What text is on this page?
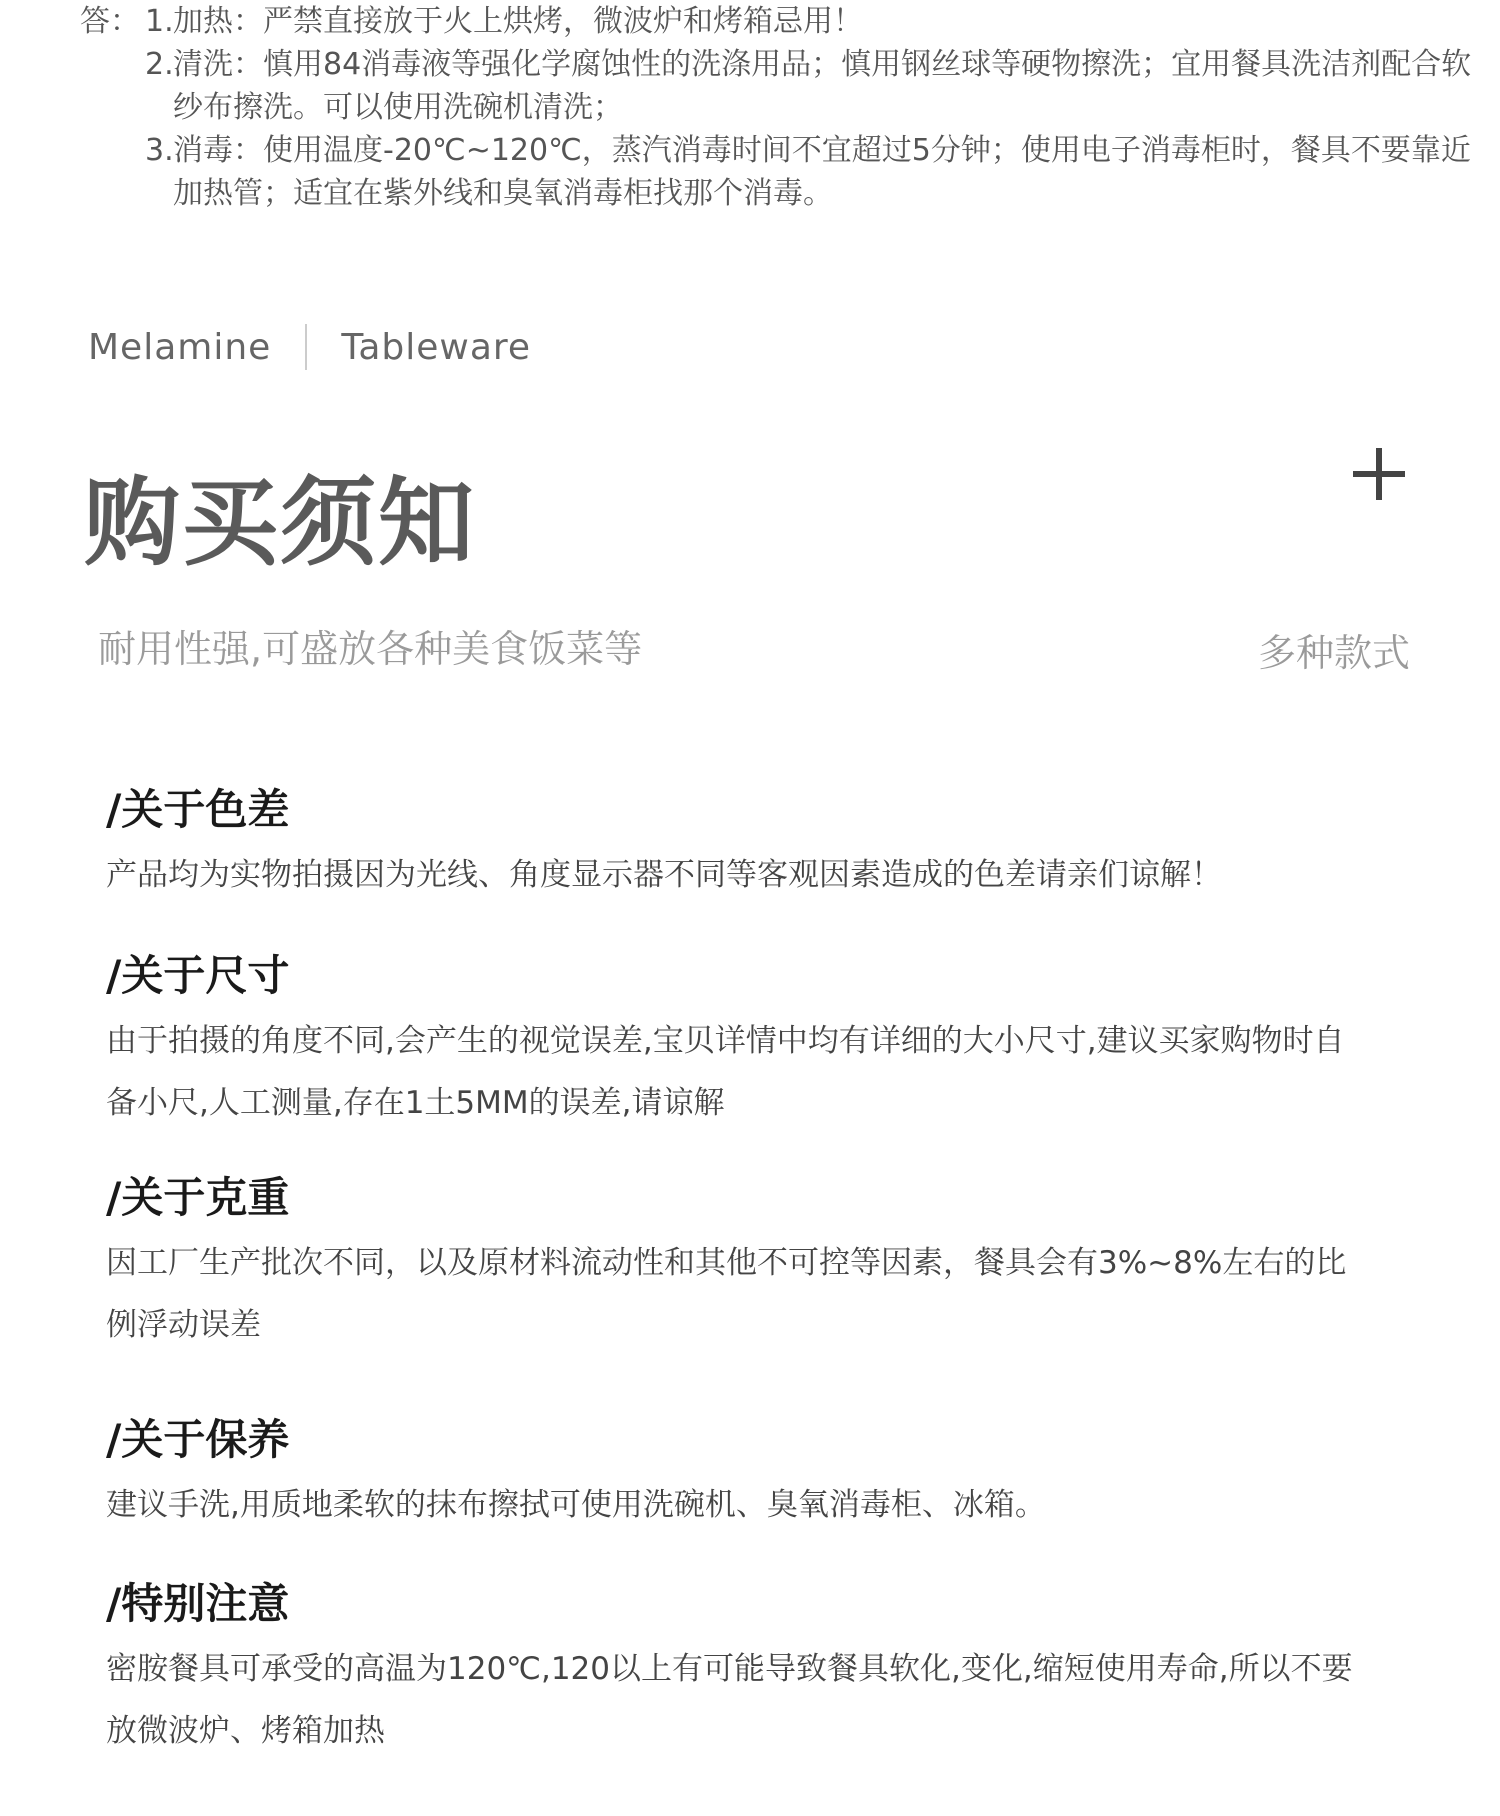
答： 1. 加热：严禁直接放于火上烘烤，微波炉和烤箱忌用！
2. 清洗：慎用84消毒液等强化学腐蚀性的洗涤用品；慎用钢丝球等硬物擦洗；宜用餐具洗洁剂配合软纱布擦洗。可以使用洗碗机清洗；
3. 消毒：使用温度-20℃~120℃，蒸汽消毒时间不宜超过5分钟；使用电子消毒柜时，餐具不要靠近加热管；适宜在紫外线和臭氧消毒柜找那个消毒。
Melamine Tableware
购买须知
耐用性强,可盛放各种美食饭菜等	多种款式
/关于色差

产品均为实物拍摄因为光线、角度显示器不同等客观因素造成的色差请亲们谅解！

/关于尺寸

由于拍摄的角度不同,会产生的视觉误差,宝贝详情中均有详细的大小尺寸,建议买家购物时自备小尺,人工测量,存在1土5MM的误差,请谅解

/关于克重

因工厂生产批次不同，以及原材料流动性和其他不可控等因素，餐具会有3%~8%左右的比例浮动误差

/关于保养

建议手洗,用质地柔软的抹布擦拭可使用洗碗机、臭氧消毒柜、冰箱。

/特别注意

密胺餐具可承受的高温为120℃,120以上有可能导致餐具软化,变化,缩短使用寿命,所以不要放微波炉、烤箱加热
